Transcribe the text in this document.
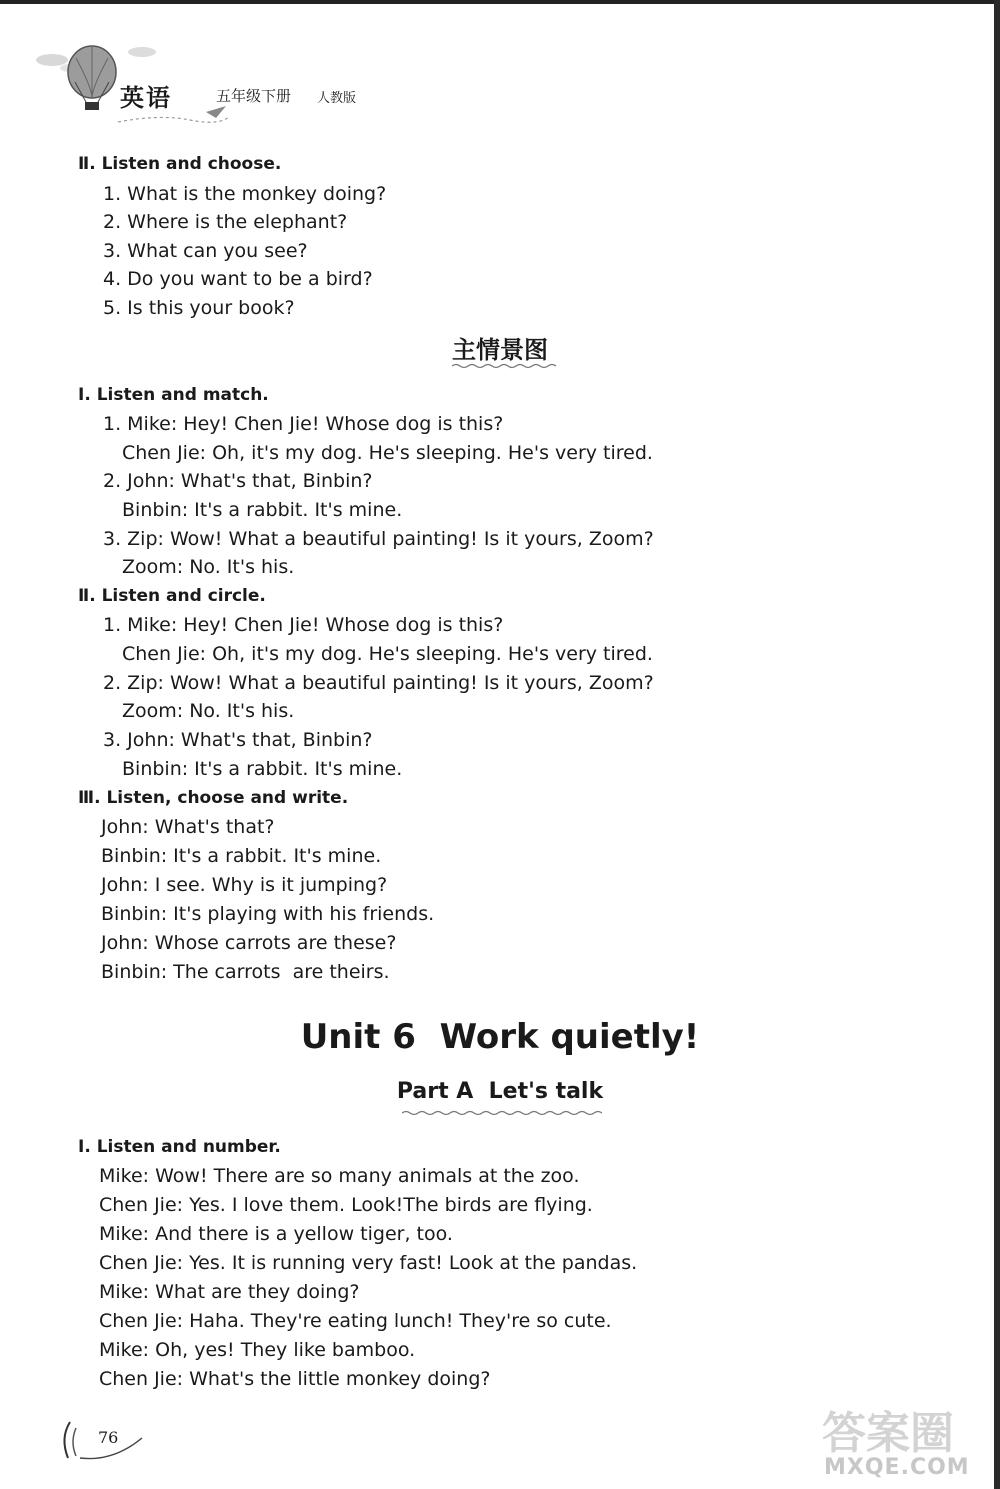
英语	五年级下册 人教版
Ⅱ. Listen and choose.
1. What is the monkey doing?
2. Where is the elephant?
3. What can you see?
4. Do you want to be a bird?
5. Is this your book?
主情景图
Ⅰ. Listen and match.
1. Mike: Hey! Chen Jie! Whose dog is this?
Chen Jie: Oh, it's my dog. He's sleeping. He's very tired.
2. John: What's that, Binbin?
Binbin: It's a rabbit. It's mine.
3. Zip: Wow! What a beautiful painting! Is it yours, Zoom?
Zoom: No. It's his.
Ⅱ. Listen and circle.
1. Mike: Hey! Chen Jie! Whose dog is this?
Chen Jie: Oh, it's my dog. He's sleeping. He's very tired.
2. Zip: Wow! What a beautiful painting! Is it yours, Zoom?
Zoom: No. It's his.
3. John: What's that, Binbin?
Binbin: It's a rabbit. It's mine.
Ⅲ. Listen, choose and write.
John: What's that?
Binbin: It's a rabbit. It's mine.
John: I see. Why is it jumping?
Binbin: It's playing with his friends.
John: Whose carrots are these?
Binbin: The carrots  are theirs.
Unit 6  Work quietly!
Part A  Let's talk
Ⅰ. Listen and number.
Mike: Wow! There are so many animals at the zoo.
Chen Jie: Yes. I love them. Look!The birds are flying.
Mike: And there is a yellow tiger, too.
Chen Jie: Yes. It is running very fast! Look at the pandas.
Mike: What are they doing?
Chen Jie: Haha. They're eating lunch! They're so cute.
Mike: Oh, yes! They like bamboo.
Chen Jie: What's the little monkey doing?
76	答案圈
MXQE.COM
